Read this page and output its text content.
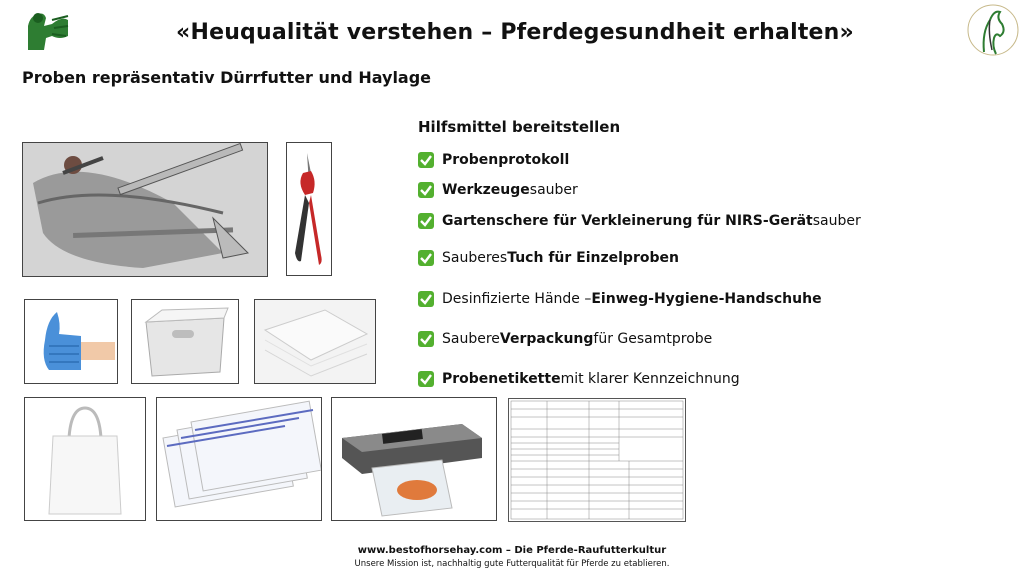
«Heuqualität verstehen – Pferdegesundheit erhalten»
Proben repräsentativ Dürrfutter und Haylage
Hilfsmittel bereitstellen
Probenprotokoll
Werkzeuge sauber
Gartenschere für Verkleinerung für NIRS-Gerät sauber
Sauberes Tuch für Einzelproben
Desinfizierte Hände – Einweg-Hygiene-Handschuhe
Saubere Verpackung für Gesamtprobe
Probenetikette mit klarer Kennzeichnung
www.bestofhorsehay.com – Die Pferde-Raufutterkultur
Unsere Mission ist, nachhaltig gute Futterqualität für Pferde zu etablieren.
